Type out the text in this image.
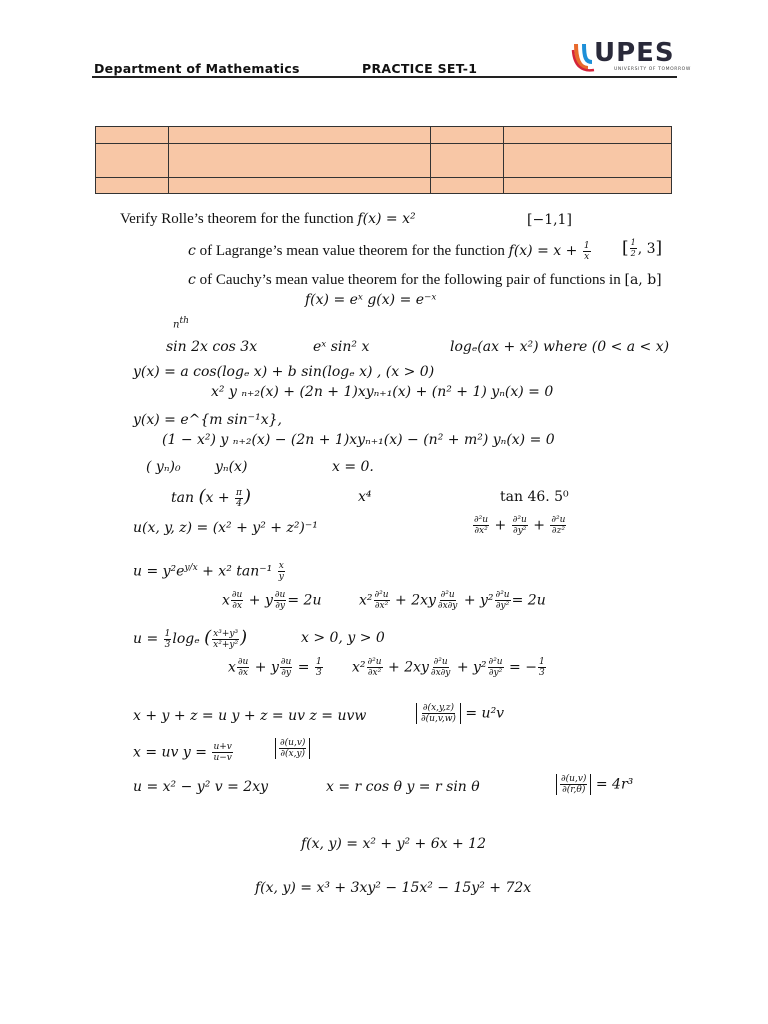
Department of Mathematics	PRACTICE SET-1
UPES
UNIVERSITY OF TOMORROW

Verify Rolle’s theorem for the function f(x) = x²	[−1,1]
c of Lagrange’s mean value theorem for the function $f(x) = x + \frac{1}{x}$ [ $\frac{1}{2}$ , 3]
c of Cauchy’s mean value theorem for the following pair of functions in [a, b]
f(x) = eˣ g(x) = e⁻ˣ
$n^{th}$
sin 2x cos 3x	eˣ sin² x	logₑ(ax + x²) where (0 < a < x)
y(x) = a cos(logₑ x) + b sin(logₑ x) , (x > 0)
x² y ₙ₊₂(x) + (2n + 1)xyₙ₊₁(x) + (n² + 1) yₙ(x) = 0
y(x) = e^{m sin⁻¹x},
(1 − x²) y ₙ₊₂(x) − (2n + 1)xyₙ₊₁(x) − (n² + m²) yₙ(x) = 0
( yₙ)₀ yₙ(x)	x = 0.
$\tan (x + \frac{\pi}{4}$ )	x⁴	tan 46. 5⁰
u(x, y, z) = (x² + y² + z²)⁻¹	$\frac{\text{∂²u}}{\text{∂x²}} + \frac{\text{∂²u}}{\text{∂y²}} + \frac{\text{∂²u}}{\text{∂z²}}$
$u = y^2e^{y/x} + x^2$ $\tan^{-1} \frac{x}{y}$
x $\frac{\partial u}{\partial x} + y \frac{\partial u}{\partial y} = 2u$	$x^2 \frac{\text{∂²u}}{\text{∂x²}} + 2xy \frac{\text{∂²u}}{\partial x\partial y} + y^2 \frac{\text{∂²u}}{\text{∂y²}} = 2u$
$u = \frac{1}{3}$ logₑ ( $\frac{\text{x³+y³}}{\text{x²+y²}}$ )	x > 0, y > 0
x $\frac{\partial u}{\partial x} + y \frac{\partial u}{\partial y} = \frac{1}{3} x^2 \frac{\text{∂²u}}{\text{∂x²}} + 2xy \frac{\text{∂²u}}{\partial x\partial y} + y^2 \frac{\text{∂²u}}{\text{∂y²}}$ = − $\frac{1}{3}$
x + y + z = u y + z = uv z = uvw	$\frac{\partial(x,y,z)}{\partial(u,v,w)} = u^2v$
x = uv $y = \frac{u+v}{u-v}$	$\frac{\partial(u,v)}{\partial(x,y)}$
u = x² − y² v = 2xy	x = r cos θ y = r sin θ	$\frac{\partial(u,v)}{\partial(r,\theta)} = 4r^3$
f(x, y) = x² + y² + 6x + 12
f(x, y) = x³ + 3xy² − 15x² − 15y² + 72x
